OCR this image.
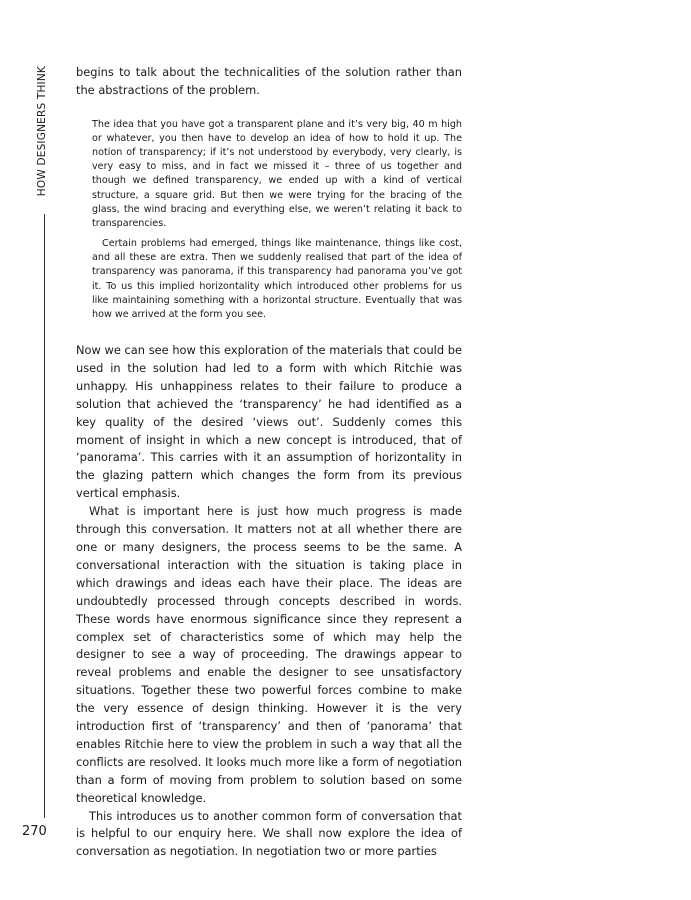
HOW DESIGNERS THINK
270

begins to talk about the technicalities of the solution rather than the abstractions of the problem.

The idea that you have got a transparent plane and it’s very big, 40 m high or whatever, you then have to develop an idea of how to hold it up. The notion of transparency; if it’s not understood by everybody, very clearly, is very easy to miss, and in fact we missed it – three of us together and though we defined transparency, we ended up with a kind of vertical structure, a square grid. But then we were trying for the bracing of the glass, the wind bracing and everything else, we weren’t relating it back to transparencies.

Certain problems had emerged, things like maintenance, things like cost, and all these are extra. Then we suddenly realised that part of the idea of transparency was panorama, if this transparency had panorama you’ve got it. To us this implied horizontality which introduced other problems for us like maintaining something with a horizontal structure. Eventually that was how we arrived at the form you see.

Now we can see how this exploration of the materials that could be used in the solution had led to a form with which Ritchie was unhappy. His unhappiness relates to their failure to produce a solution that achieved the ‘transparency’ he had identified as a key quality of the desired ‘views out’. Suddenly comes this moment of insight in which a new concept is introduced, that of ‘panorama’. This carries with it an assumption of horizontality in the glazing pattern which changes the form from its previous vertical emphasis.

What is important here is just how much progress is made through this conversation. It matters not at all whether there are one or many designers, the process seems to be the same. A conversational interaction with the situation is taking place in which drawings and ideas each have their place. The ideas are undoubtedly processed through concepts described in words. These words have enormous significance since they represent a complex set of characteristics some of which may help the designer to see a way of proceeding. The drawings appear to reveal problems and enable the designer to see unsatisfactory situations. Together these two powerful forces combine to make the very essence of design thinking. However it is the very introduction first of ‘transparency’ and then of ‘panorama’ that enables Ritchie here to view the problem in such a way that all the conflicts are resolved. It looks much more like a form of negotiation than a form of moving from problem to solution based on some theoretical knowledge.

This introduces us to another common form of conversation that is helpful to our enquiry here. We shall now explore the idea of conversation as negotiation. In negotiation two or more parties
